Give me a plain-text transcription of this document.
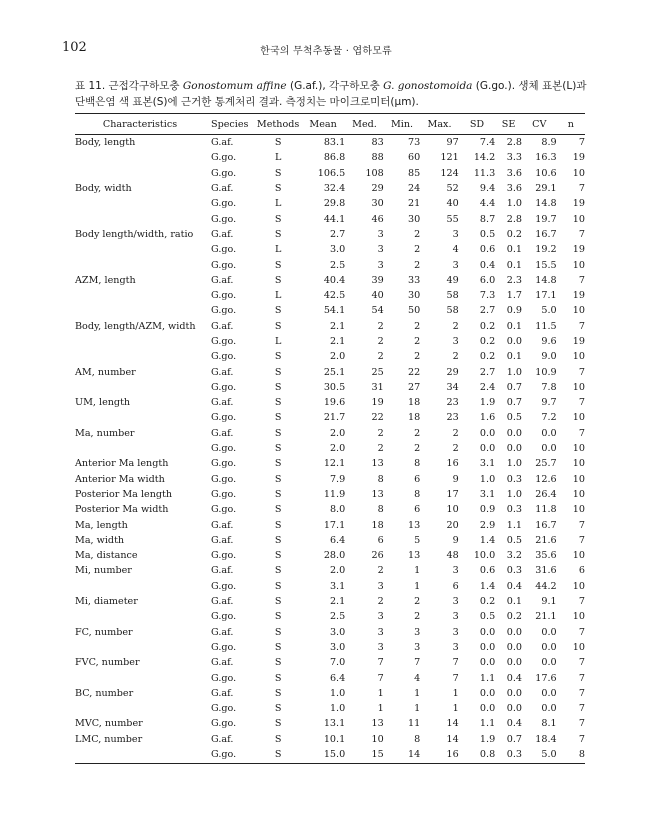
102	한국의 무척추동물 · 엽하모류
표 11. 근접각구하모충 Gonostomum affine (G.af.), 각구하모충 G. gonostomoida (G.go.). 생체 표본(L)과 단백은염 색 표본(S)에 근거한 통계처리 결과. 측정치는 마이크로미터(μm).
Characteristics	Species	Methods	Mean	Med.	Min.	Max.	SD	SE	CV	n
Body, length	G.af.	S	83.1	83	73	97	7.4	2.8	8.9	7
	G.go.	L	86.8	88	60	121	14.2	3.3	16.3	19
	G.go.	S	106.5	108	85	124	11.3	3.6	10.6	10
Body, width	G.af.	S	32.4	29	24	52	9.4	3.6	29.1	7
	G.go.	L	29.8	30	21	40	4.4	1.0	14.8	19
	G.go.	S	44.1	46	30	55	8.7	2.8	19.7	10
Body length/width, ratio	G.af.	S	2.7	3	2	3	0.5	0.2	16.7	7
	G.go.	L	3.0	3	2	4	0.6	0.1	19.2	19
	G.go.	S	2.5	3	2	3	0.4	0.1	15.5	10
AZM, length	G.af.	S	40.4	39	33	49	6.0	2.3	14.8	7
	G.go.	L	42.5	40	30	58	7.3	1.7	17.1	19
	G.go.	S	54.1	54	50	58	2.7	0.9	5.0	10
Body, length/AZM, width	G.af.	S	2.1	2	2	2	0.2	0.1	11.5	7
	G.go.	L	2.1	2	2	3	0.2	0.0	9.6	19
	G.go.	S	2.0	2	2	2	0.2	0.1	9.0	10
AM, number	G.af.	S	25.1	25	22	29	2.7	1.0	10.9	7
	G.go.	S	30.5	31	27	34	2.4	0.7	7.8	10
UM, length	G.af.	S	19.6	19	18	23	1.9	0.7	9.7	7
	G.go.	S	21.7	22	18	23	1.6	0.5	7.2	10
Ma, number	G.af.	S	2.0	2	2	2	0.0	0.0	0.0	7
	G.go.	S	2.0	2	2	2	0.0	0.0	0.0	10
Anterior Ma length	G.go.	S	12.1	13	8	16	3.1	1.0	25.7	10
Anterior Ma width	G.go.	S	7.9	8	6	9	1.0	0.3	12.6	10
Posterior Ma length	G.go.	S	11.9	13	8	17	3.1	1.0	26.4	10
Posterior Ma width	G.go.	S	8.0	8	6	10	0.9	0.3	11.8	10
Ma, length	G.af.	S	17.1	18	13	20	2.9	1.1	16.7	7
Ma, width	G.af.	S	6.4	6	5	9	1.4	0.5	21.6	7
Ma, distance	G.go.	S	28.0	26	13	48	10.0	3.2	35.6	10
Mi, number	G.af.	S	2.0	2	1	3	0.6	0.3	31.6	6
	G.go.	S	3.1	3	1	6	1.4	0.4	44.2	10
Mi, diameter	G.af.	S	2.1	2	2	3	0.2	0.1	9.1	7
	G.go.	S	2.5	3	2	3	0.5	0.2	21.1	10
FC, number	G.af.	S	3.0	3	3	3	0.0	0.0	0.0	7
	G.go.	S	3.0	3	3	3	0.0	0.0	0.0	10
FVC, number	G.af.	S	7.0	7	7	7	0.0	0.0	0.0	7
	G.go.	S	6.4	7	4	7	1.1	0.4	17.6	7
BC, number	G.af.	S	1.0	1	1	1	0.0	0.0	0.0	7
	G.go.	S	1.0	1	1	1	0.0	0.0	0.0	7
MVC, number	G.go.	S	13.1	13	11	14	1.1	0.4	8.1	7
LMC, number	G.af.	S	10.1	10	8	14	1.9	0.7	18.4	7
	G.go.	S	15.0	15	14	16	0.8	0.3	5.0	8
